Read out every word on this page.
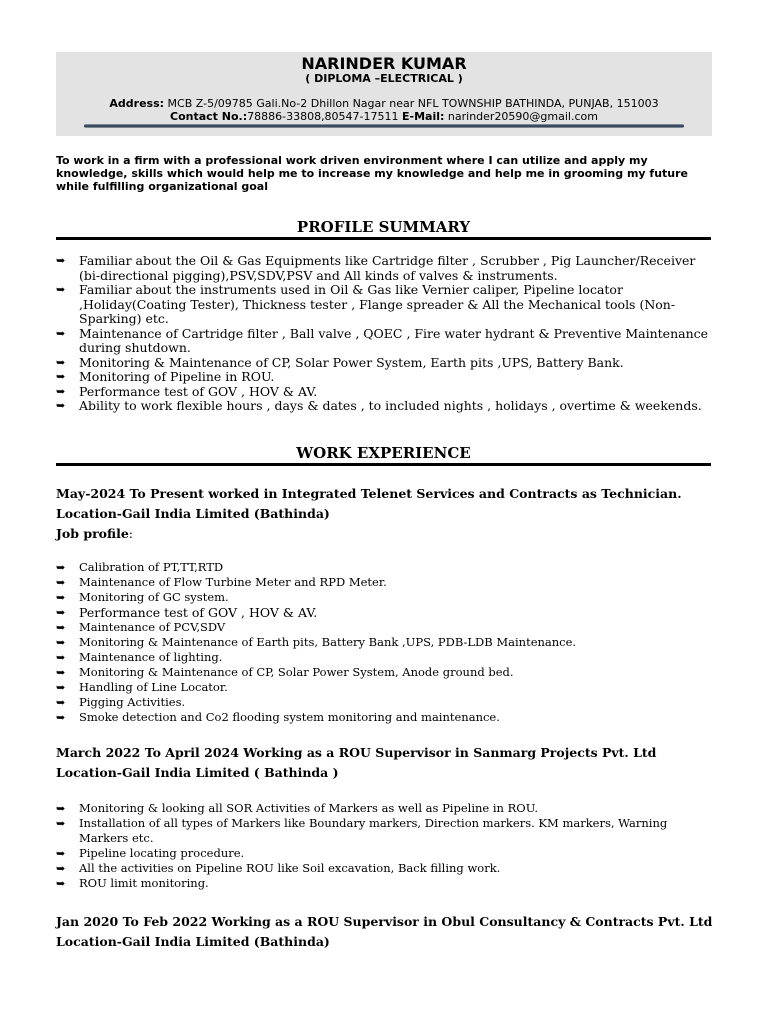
NARINDER KUMAR
( DIPLOMA –ELECTRICAL )
Address: MCB Z-5/09785 Gali.No-2 Dhillon Nagar near NFL TOWNSHIP BATHINDA, PUNJAB, 151003
Contact No.:78886-33808,80547-17511 E-Mail: narinder20590@gmail.com
To work in a firm with a professional work driven environment where I can utilize and apply my knowledge, skills which would help me to increase my knowledge and help me in grooming my future while fulfilling organizational goal
PROFILE SUMMARY
➥ Familiar about the Oil & Gas Equipments like Cartridge filter , Scrubber , Pig Launcher/Receiver (bi-directional pigging),PSV,SDV,PSV and All kinds of valves & instruments.
➥ Familiar about the instruments used in Oil & Gas like Vernier caliper, Pipeline locator ,Holiday(Coating Tester), Thickness tester , Flange spreader & All the Mechanical tools (Non-Sparking) etc.
➥ Maintenance of Cartridge filter , Ball valve , QOEC , Fire water hydrant & Preventive Maintenance during shutdown.
➥ Monitoring & Maintenance of CP, Solar Power System, Earth pits ,UPS, Battery Bank.
➥ Monitoring of Pipeline in ROU.
➥ Performance test of GOV , HOV & AV.
➥ Ability to work flexible hours , days & dates , to included nights , holidays , overtime & weekends.
WORK EXPERIENCE
May-2024 To Present worked in Integrated Telenet Services and Contracts as Technician.
Location-Gail India Limited (Bathinda)
Job profile:
➥ Calibration of PT,TT,RTD
➥ Maintenance of Flow Turbine Meter and RPD Meter.
➥ Monitoring of GC system.
➥ Performance test of GOV , HOV & AV.
➥ Maintenance of PCV,SDV
➥ Monitoring & Maintenance of Earth pits, Battery Bank ,UPS, PDB-LDB Maintenance.
➥ Maintenance of lighting.
➥ Monitoring & Maintenance of CP, Solar Power System, Anode ground bed.
➥ Handling of Line Locator.
➥ Pigging Activities.
➥ Smoke detection and Co2 flooding system monitoring and maintenance.
March 2022 To April 2024 Working as a ROU Supervisor in Sanmarg Projects Pvt. Ltd Location-Gail India Limited ( Bathinda )
➥ Monitoring & looking all SOR Activities of Markers as well as Pipeline in ROU.
➥ Installation of all types of Markers like Boundary markers, Direction markers. KM markers, Warning Markers etc.
➥ Pipeline locating procedure.
➥ All the activities on Pipeline ROU like Soil excavation, Back filling work.
➥ ROU limit monitoring.
Jan 2020 To Feb 2022 Working as a ROU Supervisor in Obul Consultancy & Contracts Pvt. Ltd
Location-Gail India Limited (Bathinda)
